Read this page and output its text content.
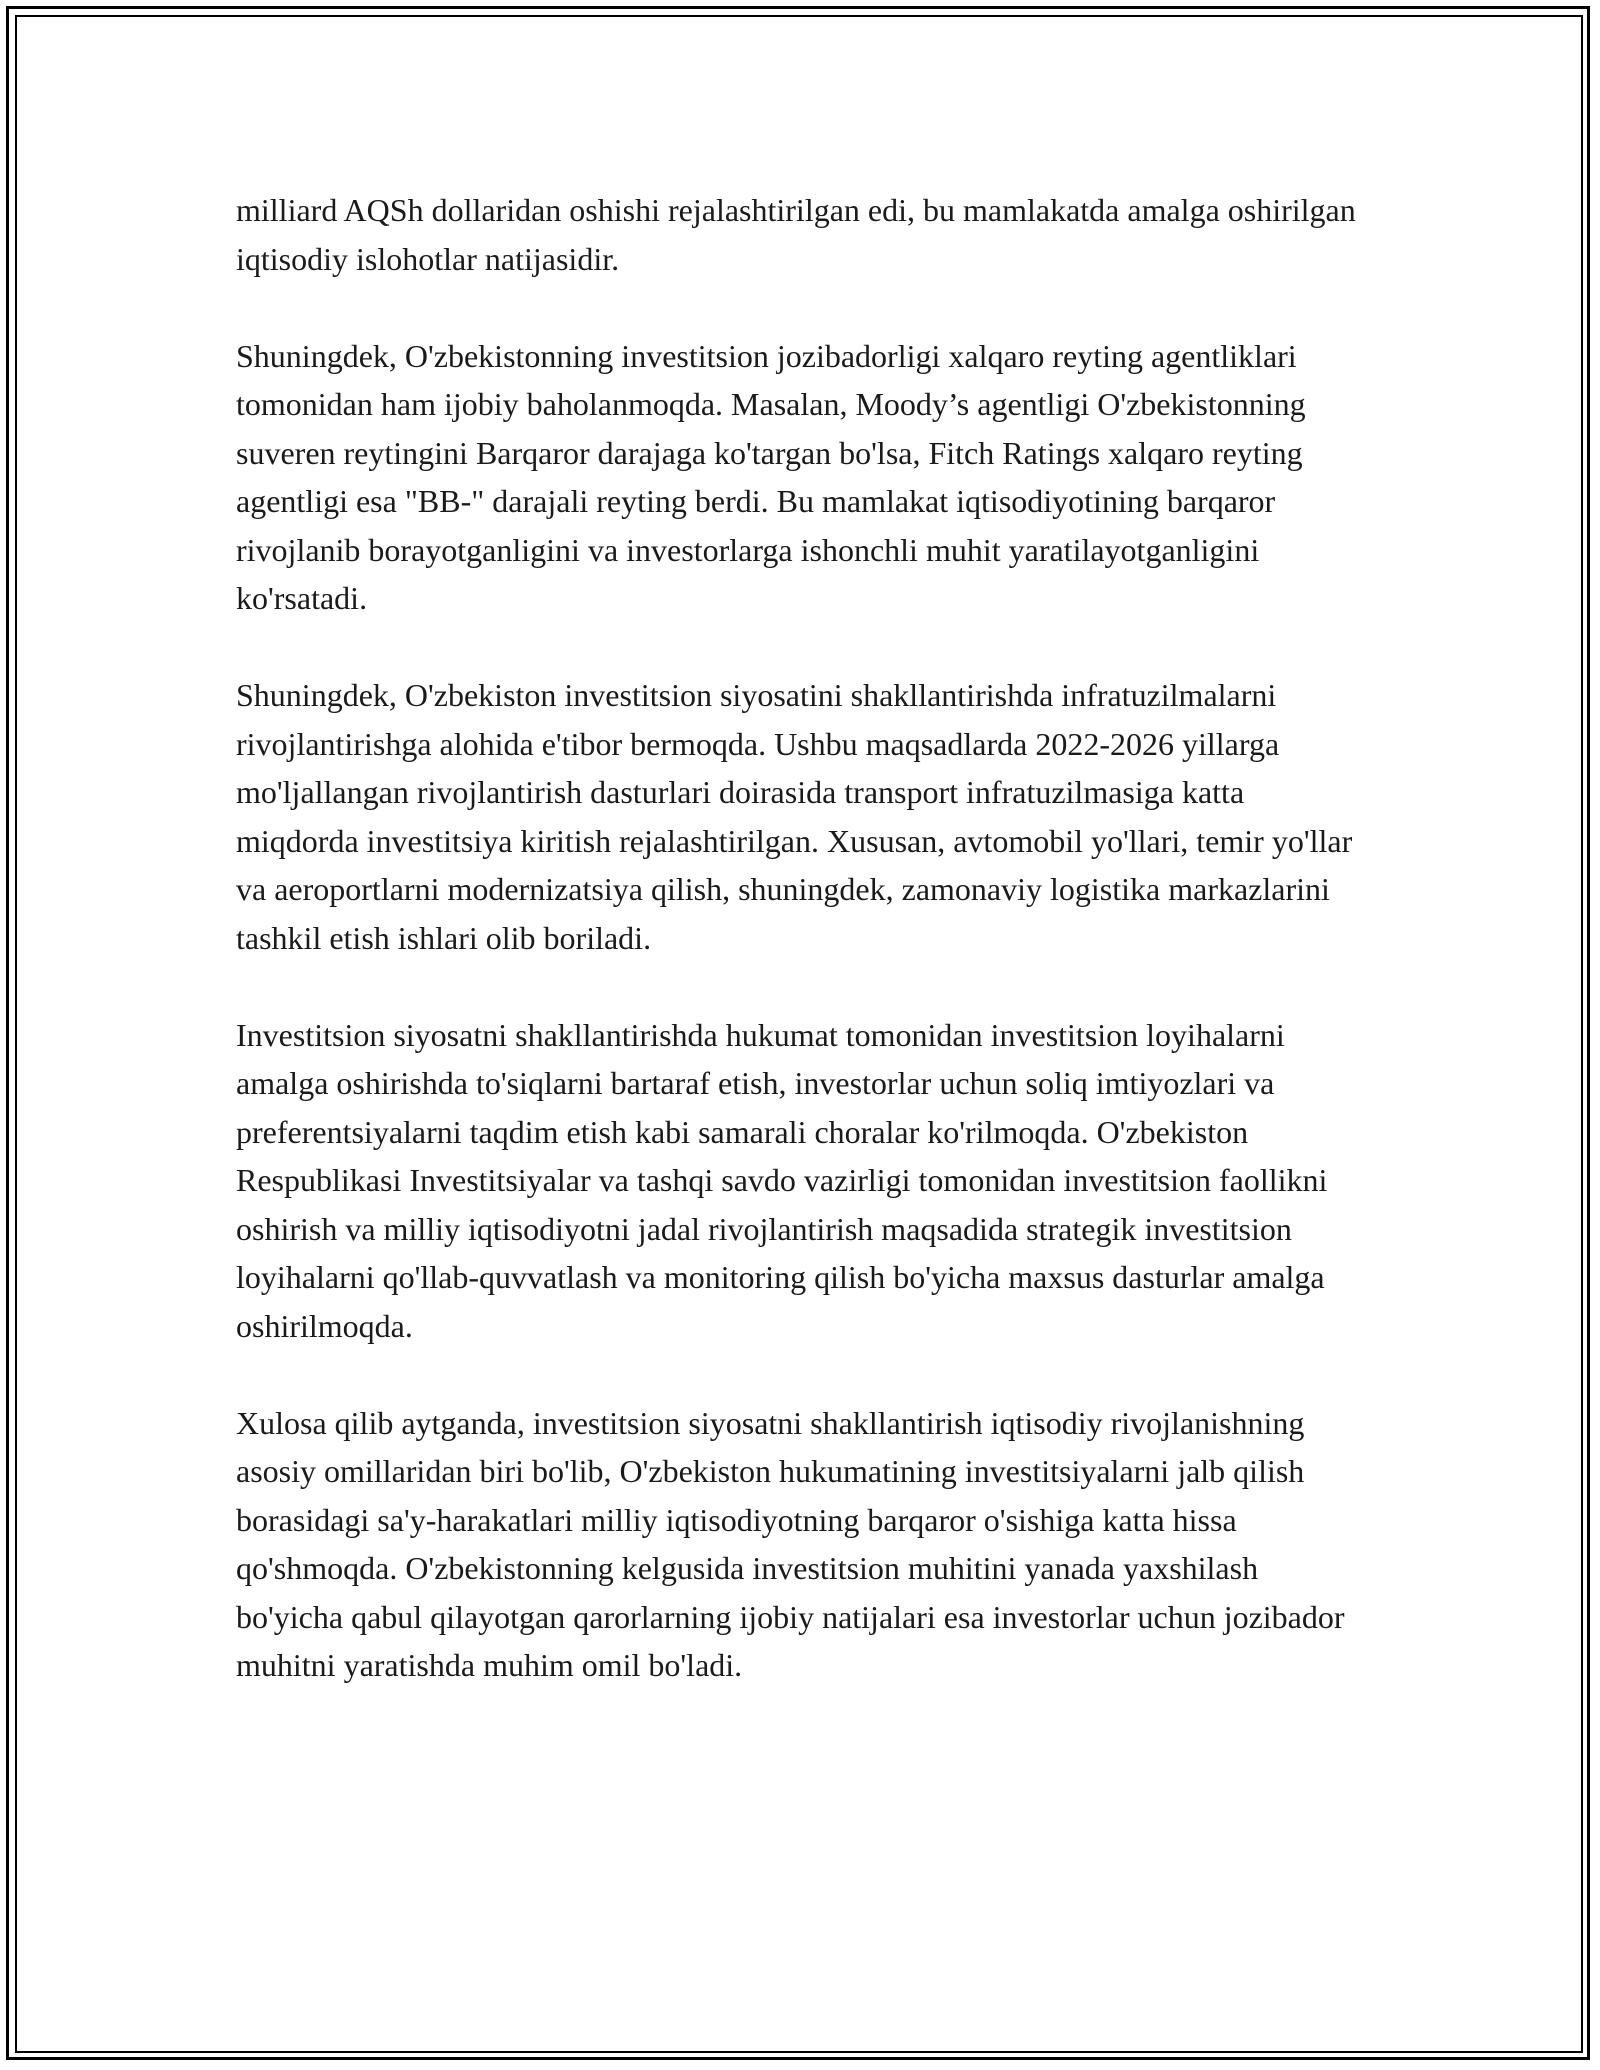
milliard AQSh dollaridan oshishi rejalashtirilgan edi, bu mamlakatda amalga oshirilgan iqtisodiy islohotlar natijasidir.

Shuningdek, O'zbekistonning investitsion jozibadorligi xalqaro reyting agentliklari tomonidan ham ijobiy baholanmoqda. Masalan, Moody’s agentligi O'zbekistonning suveren reytingini Barqaror darajaga ko'targan bo'lsa, Fitch Ratings xalqaro reyting agentligi esa "BB-" darajali reyting berdi. Bu mamlakat iqtisodiyotining barqaror rivojlanib borayotganligini va investorlarga ishonchli muhit yaratilayotganligini ko'rsatadi.

Shuningdek, O'zbekiston investitsion siyosatini shakllantirishda infratuzilmalarni rivojlantirishga alohida e'tibor bermoqda. Ushbu maqsadlarda 2022-2026 yillarga mo'ljallangan rivojlantirish dasturlari doirasida transport infratuzilmasiga katta miqdorda investitsiya kiritish rejalashtirilgan. Xususan, avtomobil yo'llari, temir yo'llar va aeroportlarni modernizatsiya qilish, shuningdek, zamonaviy logistika markazlarini tashkil etish ishlari olib boriladi.

Investitsion siyosatni shakllantirishda hukumat tomonidan investitsion loyihalarni amalga oshirishda to'siqlarni bartaraf etish, investorlar uchun soliq imtiyozlari va preferentsiyalarni taqdim etish kabi samarali choralar ko'rilmoqda. O'zbekiston Respublikasi Investitsiyalar va tashqi savdo vazirligi tomonidan investitsion faollikni oshirish va milliy iqtisodiyotni jadal rivojlantirish maqsadida strategik investitsion loyihalarni qo'llab-quvvatlash va monitoring qilish bo'yicha maxsus dasturlar amalga oshirilmoqda.

Xulosa qilib aytganda, investitsion siyosatni shakllantirish iqtisodiy rivojlanishning asosiy omillaridan biri bo'lib, O'zbekiston hukumatining investitsiyalarni jalb qilish borasidagi sa'y-harakatlari milliy iqtisodiyotning barqaror o'sishiga katta hissa qo'shmoqda. O'zbekistonning kelgusida investitsion muhitini yanada yaxshilash bo'yicha qabul qilayotgan qarorlarning ijobiy natijalari esa investorlar uchun jozibador muhitni yaratishda muhim omil bo'ladi.
